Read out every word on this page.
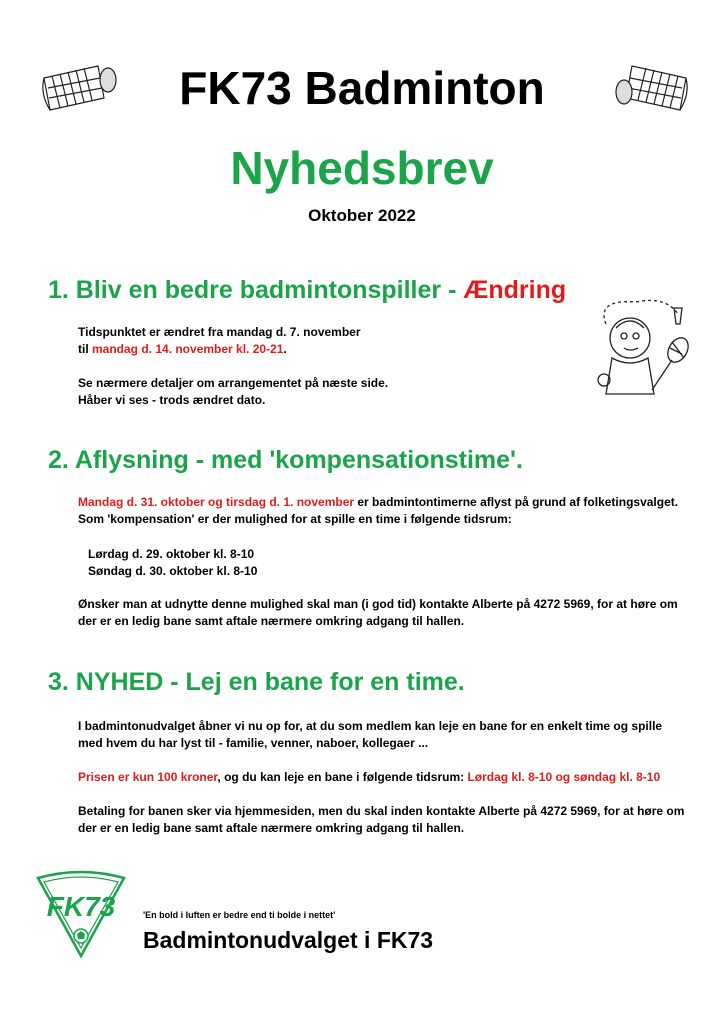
FK73 Badminton
Nyhedsbrev
Oktober 2022
1. Bliv en bedre badmintonspiller - Ændring
Tidspunktet er ændret fra mandag d. 7. november
til mandag d. 14. november kl. 20-21.
Se nærmere detaljer om arrangementet på næste side.
Håber vi ses - trods ændret dato.
2. Aflysning - med 'kompensationstime'.
Mandag d. 31. oktober og tirsdag d. 1. november er badmintontimerne aflyst på grund af folketingsvalget.
Som 'kompensation' er der mulighed for at spille en time i følgende tidsrum:
Lørdag d. 29. oktober kl. 8-10
Søndag d. 30. oktober kl. 8-10
Ønsker man at udnytte denne mulighed skal man (i god tid) kontakte Alberte på 4272 5969, for at høre om
der er en ledig bane samt aftale nærmere omkring adgang til hallen.
3. NYHED - Lej en bane for en time.
I badmintonudvalget åbner vi nu op for, at du som medlem kan leje en bane for en enkelt time og spille
med hvem du har lyst til - familie, venner, naboer, kollegaer ...
Prisen er kun 100 kroner, og du kan leje en bane i følgende tidsrum: Lørdag kl. 8-10 og søndag kl. 8-10
Betaling for banen sker via hjemmesiden, men du skal inden kontakte Alberte på 4272 5969, for at høre om
der er en ledig bane samt aftale nærmere omkring adgang til hallen.
FK73	'En bold i luften er bedre end ti bolde i nettet'
Badmintonudvalget i FK73
